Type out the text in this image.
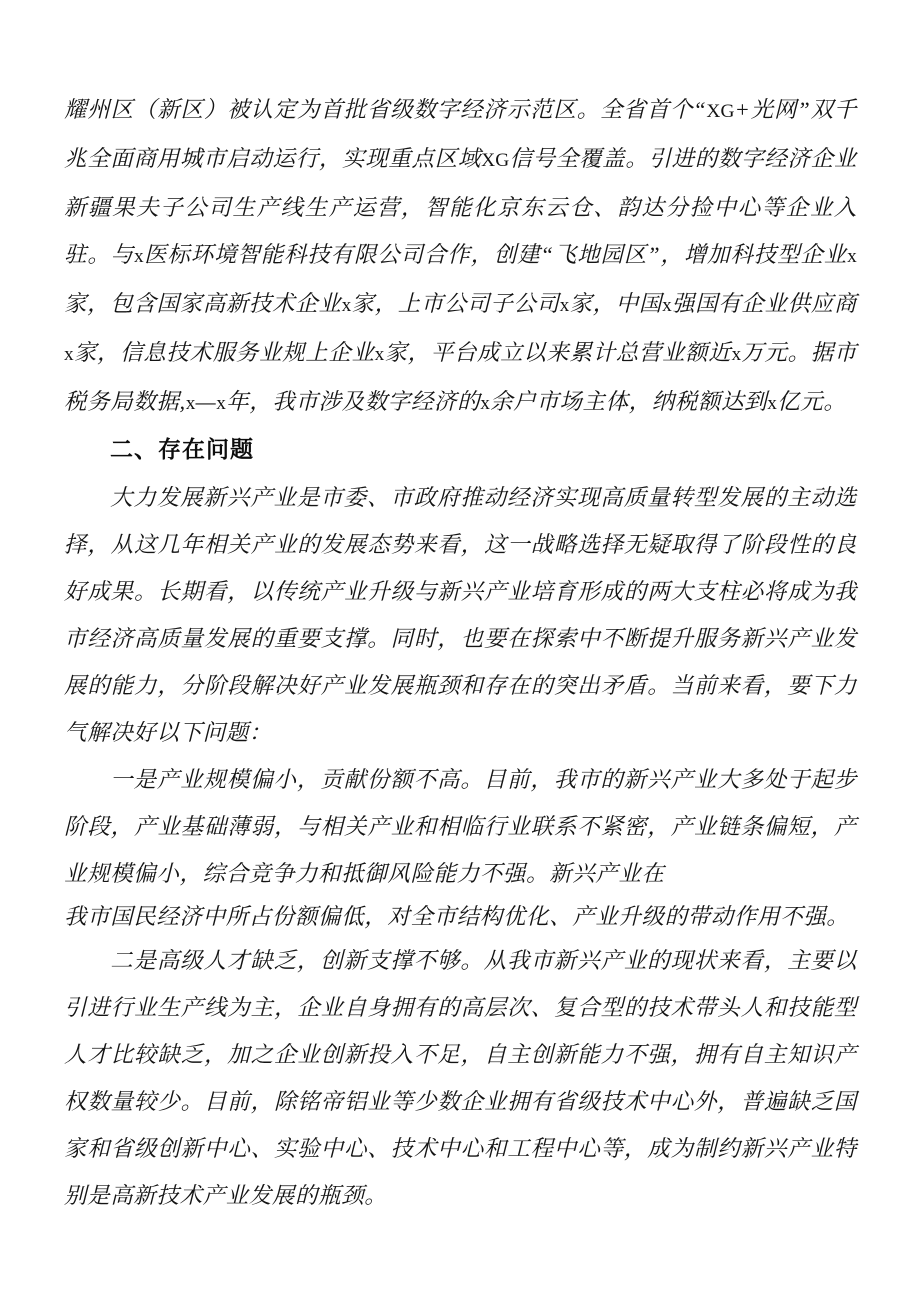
耀州区（新区）被认定为首批省级数字经济示范区。全省首个“XG+光网”双千兆全面商用城市启动运行，实现重点区域XG信号全覆盖。引进的数字经济企业新疆果夫子公司生产线生产运营，智能化京东云仓、韵达分捡中心等企业入驻。与x医标环境智能科技有限公司合作，创建“飞地园区”，增加科技型企业x家，包含国家高新技术企业x家，上市公司子公司x家，中国x强国有企业供应商x家，信息技术服务业规上企业x家，平台成立以来累计总营业额近x万元。据市税务局数据,x—x年，我市涉及数字经济的x余户市场主体，纳税额达到x亿元。

二、存在问题

大力发展新兴产业是市委、市政府推动经济实现高质量转型发展的主动选择，从这几年相关产业的发展态势来看，这一战略选择无疑取得了阶段性的良好成果。长期看，以传统产业升级与新兴产业培育形成的两大支柱必将成为我市经济高质量发展的重要支撑。同时，也要在探索中不断提升服务新兴产业发展的能力，分阶段解决好产业发展瓶颈和存在的突出矛盾。当前来看，要下力气解决好以下问题：

一是产业规模偏小，贡献份额不高。目前，我市的新兴产业大多处于起步阶段，产业基础薄弱，与相关产业和相临行业联系不紧密，产业链条偏短，产业规模偏小，综合竞争力和抵御风险能力不强。新兴产业在

我市国民经济中所占份额偏低，对全市结构优化、产业升级的带动作用不强。

二是高级人才缺乏，创新支撑不够。从我市新兴产业的现状来看，主要以引进行业生产线为主，企业自身拥有的高层次、复合型的技术带头人和技能型人才比较缺乏，加之企业创新投入不足，自主创新能力不强，拥有自主知识产权数量较少。目前，除铭帝铝业等少数企业拥有省级技术中心外，普遍缺乏国家和省级创新中心、实验中心、技术中心和工程中心等，成为制约新兴产业特别是高新技术产业发展的瓶颈。
